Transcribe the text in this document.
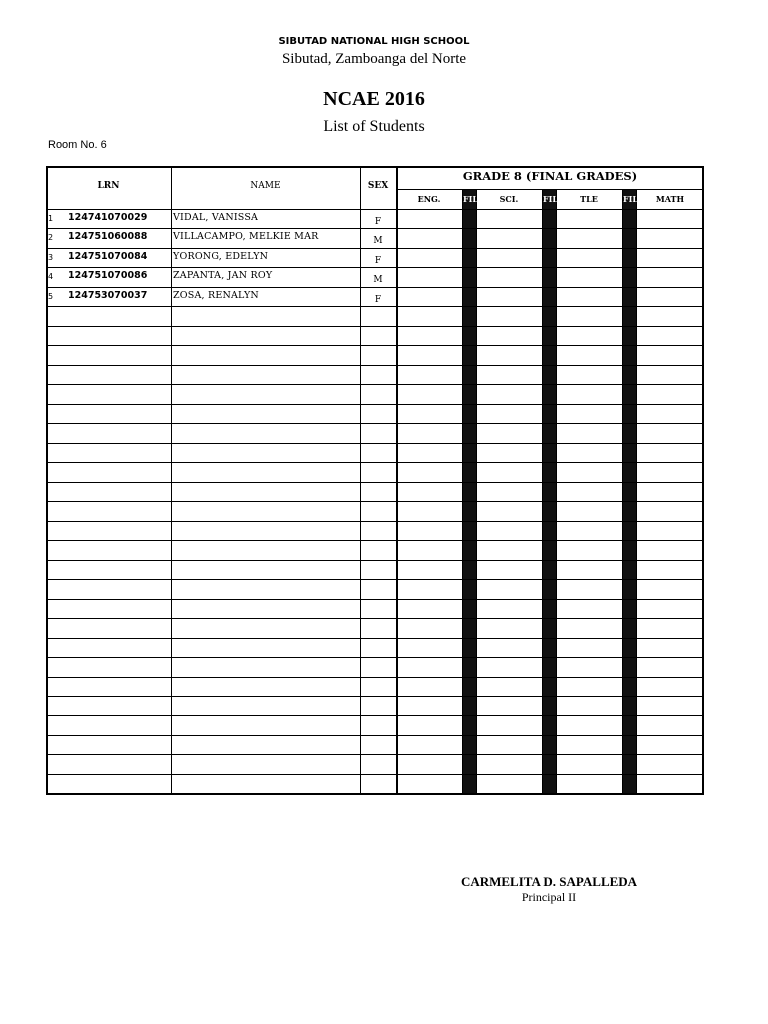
SIBUTAD NATIONAL HIGH SCHOOL
Sibutad, Zamboanga del Norte
NCAE 2016
List of Students
Room No. 6
LRN	NAME	SEX
GRADE 8 (FINAL GRADES)
ENG.	FIL	SCI.	FIL	TLE	FIL	MATH
1 124741070029	VIDAL, VANISSA	F
2 124751060088	VILLACAMPO, MELKIE MAR	M
3 124751070084	YORONG, EDELYN	F
4 124751070086	ZAPANTA, JAN ROY	M
5 124753070037	ZOSA, RENALYN	F
CARMELITA D. SAPALLEDA
Principal II
